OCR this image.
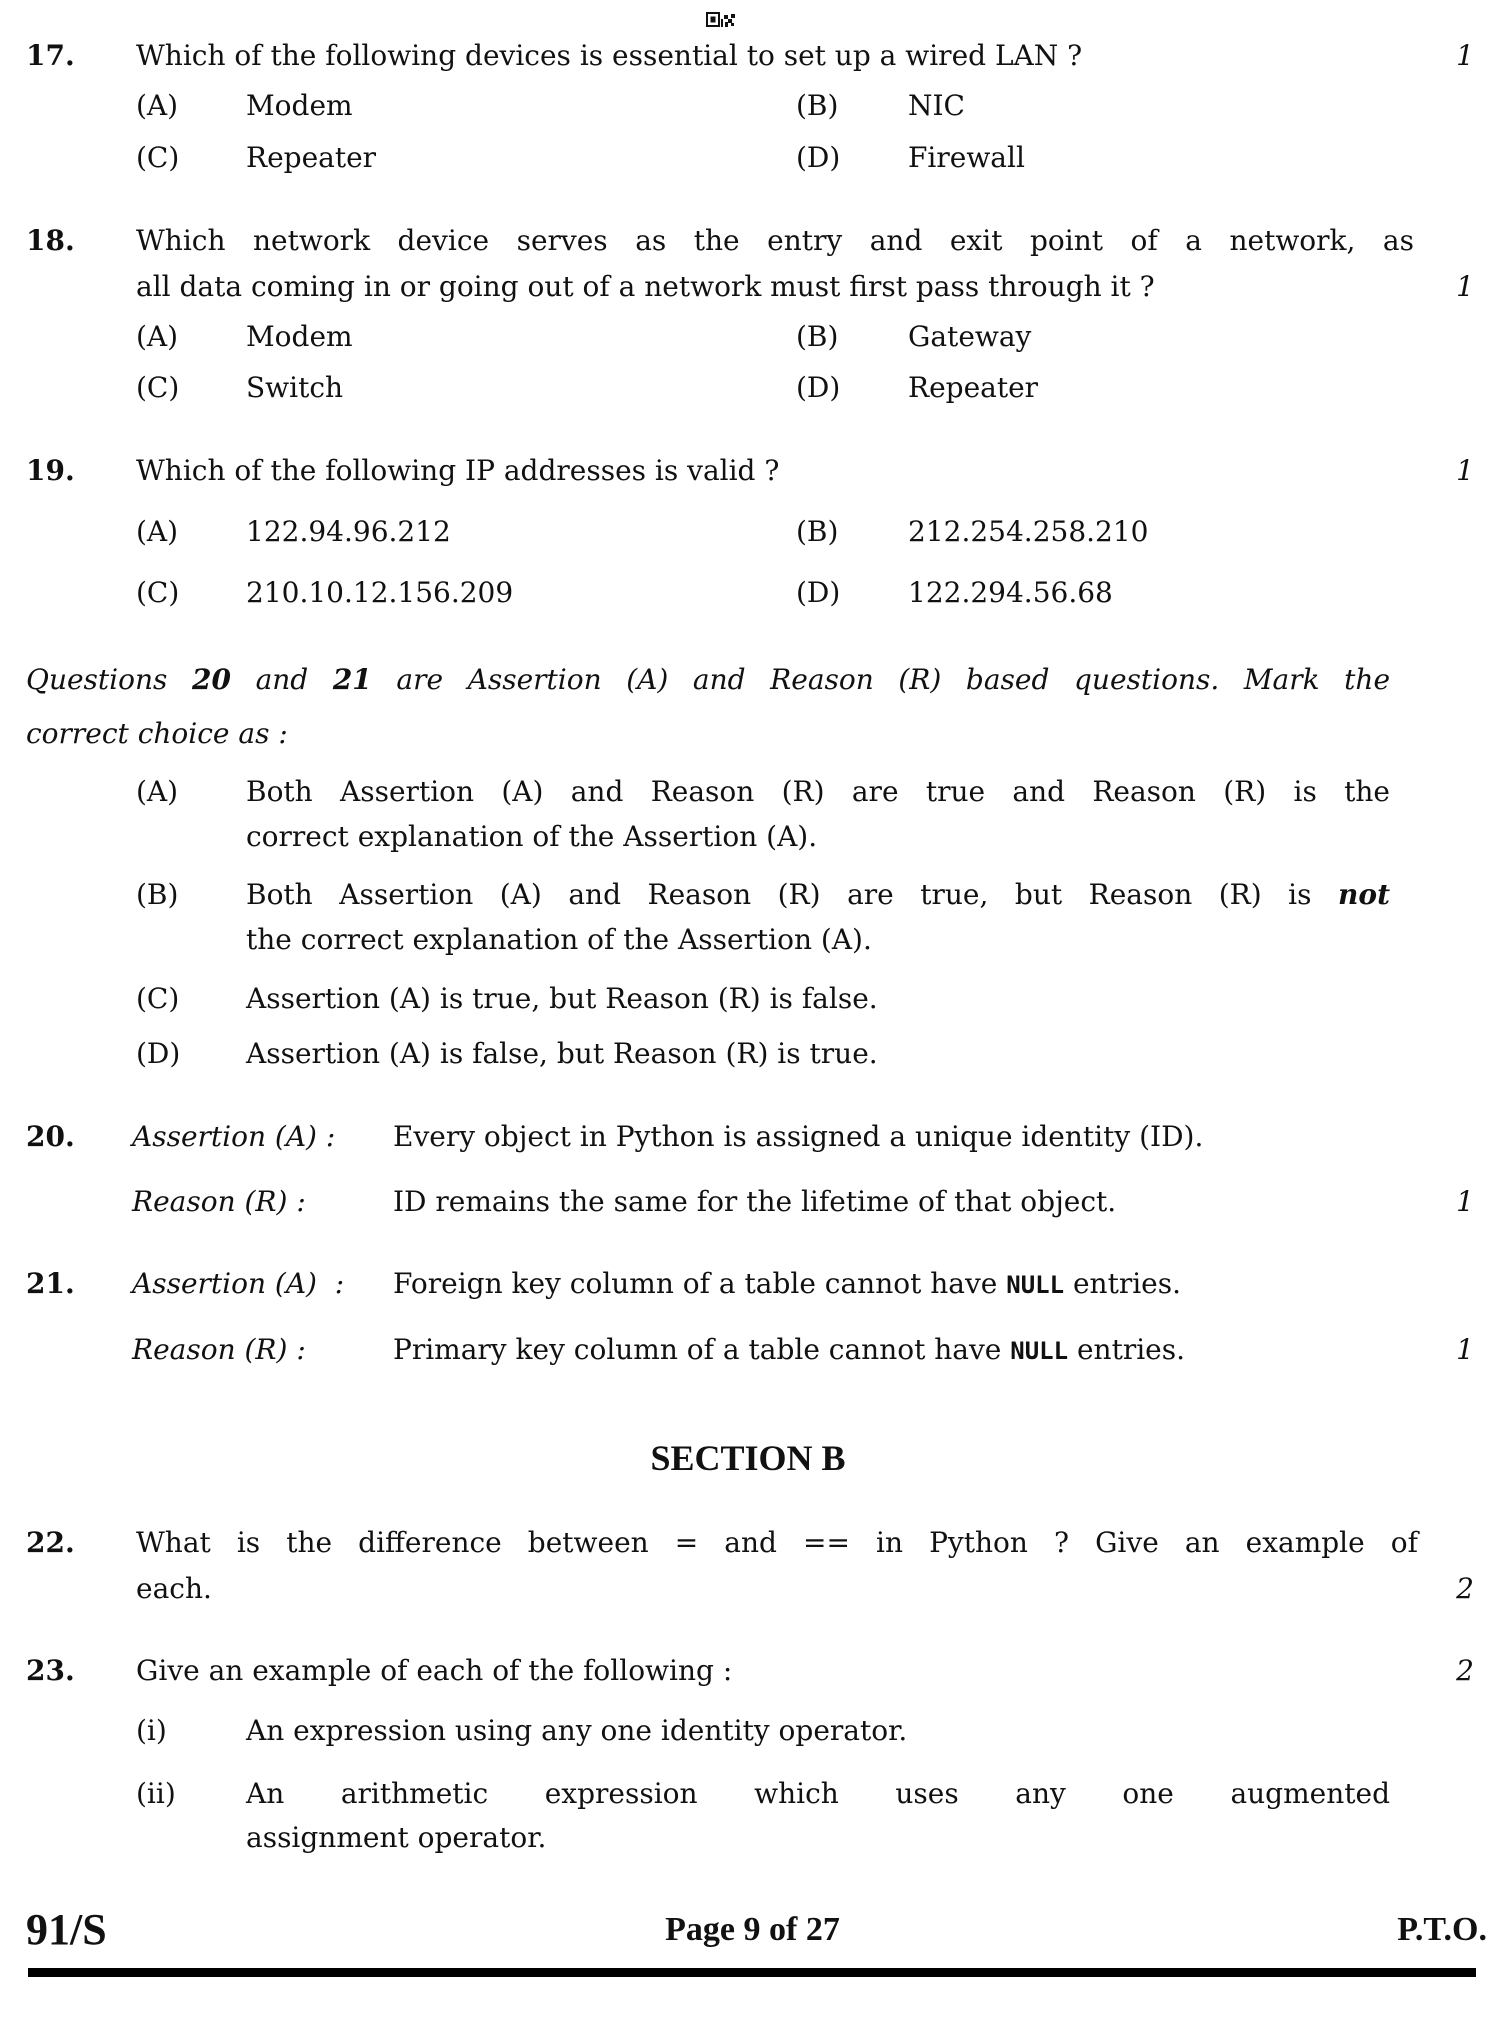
17. Which of the following devices is essential to set up a wired LAN ?	1
(A) Modem	(B) NIC
(C) Repeater	(D) Firewall
18. Which network device serves as the entry and exit point of a network, as
all data coming in or going out of a network must first pass through it ?	1
(A) Modem	(B) Gateway
(C) Switch	(D) Repeater
19. Which of the following IP addresses is valid ?	1
(A) 122.94.96.212	(B) 212.254.258.210
(C) 210.10.12.156.209	(D) 122.294.56.68
Questions 20 and 21 are Assertion (A) and Reason (R) based questions. Mark the
correct choice as :
(A) Both Assertion (A) and Reason (R) are true and Reason (R) is the
correct explanation of the Assertion (A).
(B) Both Assertion (A) and Reason (R) are true, but Reason (R) is not
the correct explanation of the Assertion (A).
(C) Assertion (A) is true, but Reason (R) is false.
(D) Assertion (A) is false, but Reason (R) is true.
20. Assertion (A) : Every object in Python is assigned a unique identity (ID).
Reason (R) :	ID remains the same for the lifetime of that object.	1
21. Assertion (A)  : Foreign key column of a table cannot have NULL entries.
Reason (R) :	Primary key column of a table cannot have NULL entries.	1
SECTION B
22. What is the difference between = and == in Python ? Give an example of
each.	2
23. Give an example of each of the following :	2
(i)	An expression using any one identity operator.
(ii)	An arithmetic expression which uses any one augmented
assignment operator.
91/S	Page 9 of 27	P.T.O.
